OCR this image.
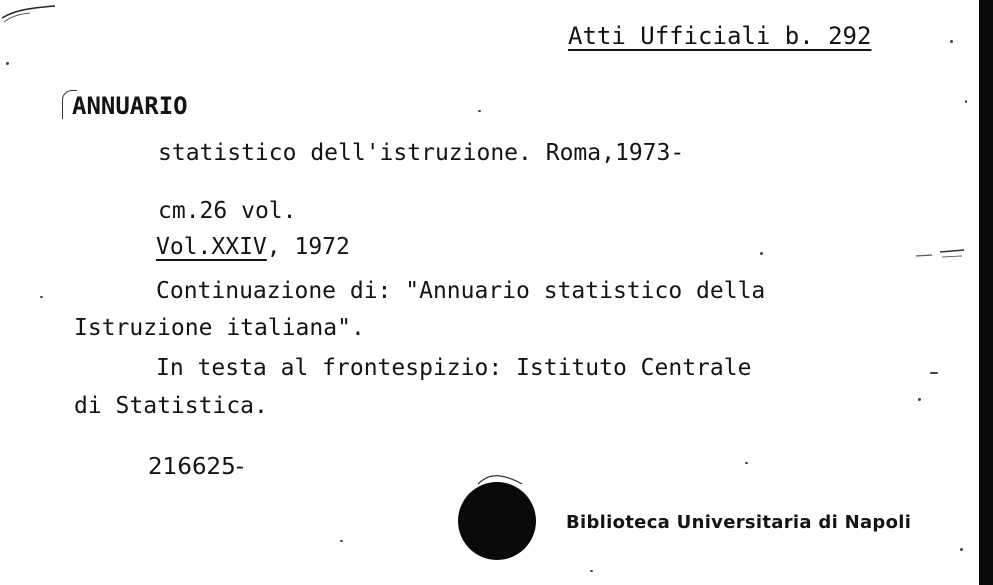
Atti Ufficiali b. 292
ANNUARIO
statistico dell'istruzione. Roma,1973-
cm.26 vol.
Vol.XXIV, 1972
Continuazione di: "Annuario statistico della
Istruzione italiana".
In testa al frontespizio: Istituto Centrale
di Statistica.
216625-
Biblioteca Universitaria di Napoli
